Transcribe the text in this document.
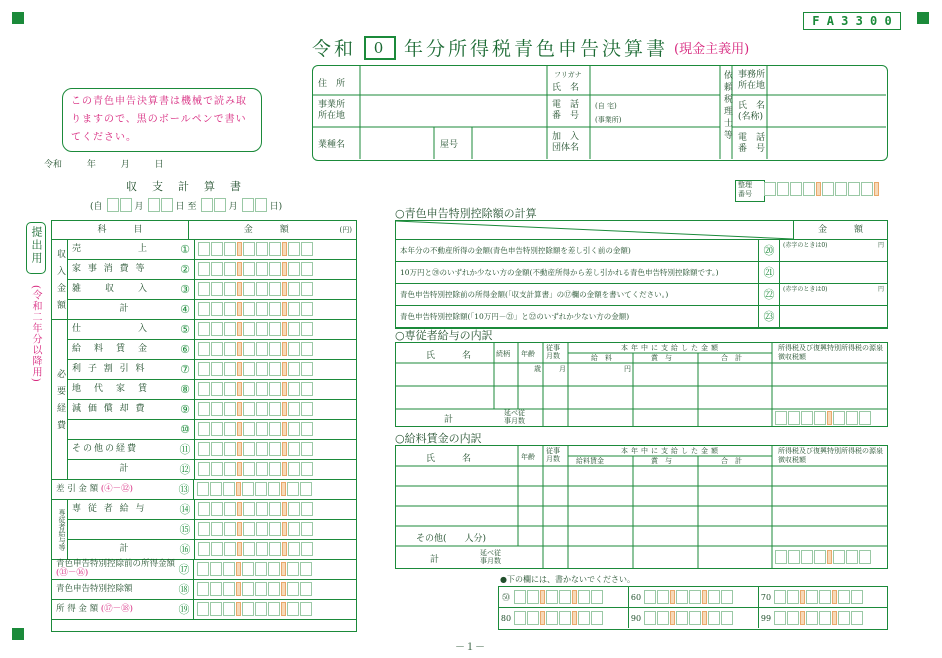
F A 3 3 0 0
令和	0 年分所得税青色申告決算書 (現金主義用)
この青色申告決算書は機械で読み取りますので、黒のボールペンで書いてください。
令和	年	月	日
住　所
事業所
所在地
業種名	屋号
フリガナ
氏　名
電　話
番　号
(自 宅)
(事業所)
加　入
団体名
依頼税理士等 事務所
所在地
氏　名
(名称)
電　話
番　号
収　支　計　算　書
(自	月	日 至	月	日)
提出用
(令和二年分以降用)
科　　　目	金　　　額	(円)
収入金額 売　　　　　上	①
家 事 消 費 等	②
雑　　収　　入	③
計	④
必要経費
仕　　　　　入	⑤
給　料　賃　金	⑥
利 子 割 引 料	⑦
地　代　家　賃	⑧
減 価 償 却 費	⑨
⑩
その他の経費	⑪
計	⑫
差 引 金 額 (④－⑫)	⑬
専従者給与等 専 従 者 給 与	⑭
⑮
計	⑯
青色申告特別控除前の所得金額 (⑬－⑯)	⑰
青色申告特別控除額	⑱
所 得 金 額 (⑰－⑱)	⑲
整理
番号
○青色申告特別控除額の計算
金　　　額
本年分の不動産所得の金額(青色申告特別控除額を差し引く前の金額)	⑳	(赤字のときは0)	円
10万円と⑳のいずれか少ない方の金額(不動産所得から差し引かれる青色申告特別控除額です。)	㉑
青色申告特別控除前の所得金額(「収支計算書」の⑰欄の金額を書いてください。)	㉒	(赤字のときは0)	円
青色申告特別控除額(「10万円－㉑」と㉒のいずれか少ない方の金額)	㉓
○専従者給与の内訳
氏　　　名	続柄 年齢
従事
月数
本年中に支給した金額
給　料	賞　与	合　計
所得税及び復興特別所得税の源泉徴収税額
歳	月	円
計
延べ従
事月数
○給料賃金の内訳
氏　　　名	年齢
従事
月数
本年中に支給した金額
給料賃金	賞　与	合　計
所得税及び復興特別所得税の源泉徴収税額
その他(　　人分)
計
延べ従
事月数
●下の欄には、書かないでください。
㊿	60	70
80	90	99
－１－
